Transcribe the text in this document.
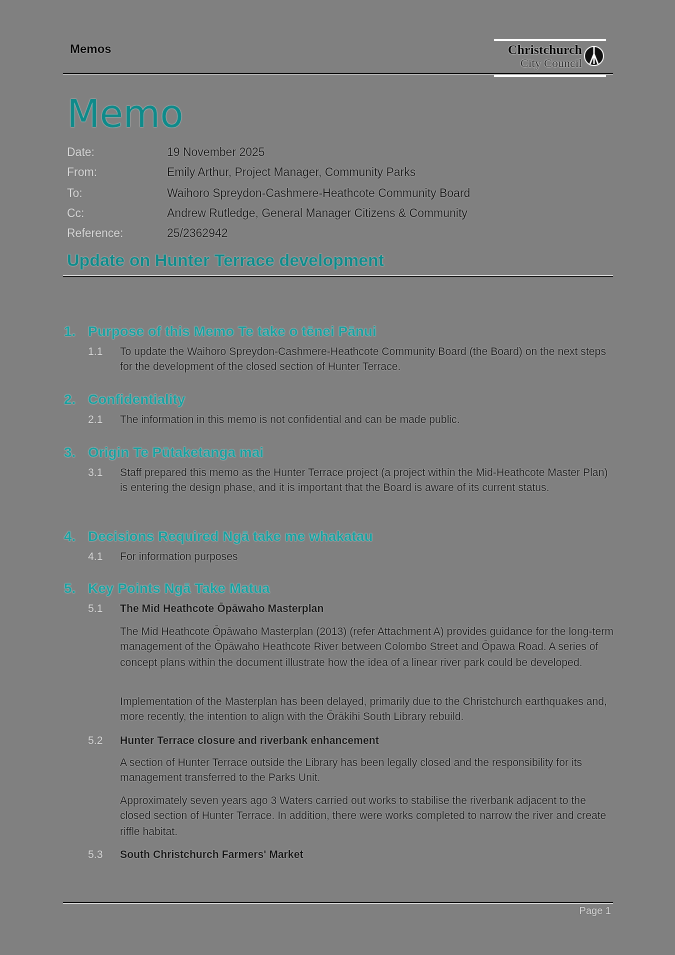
Memos	Christchurch
City Council
Memo
Date:	19 November 2025
From:	Emily Arthur, Project Manager, Community Parks
To:	Waihoro Spreydon-Cashmere-Heathcote Community Board
Cc:	Andrew Rutledge, General Manager Citizens & Community
Reference:	25/2362942
Update on Hunter Terrace development
1. Purpose of this Memo Te take o tēnei Pānui
1.1 To update the Waihoro Spreydon-Cashmere-Heathcote Community Board (the Board) on the next steps for the development of the closed section of Hunter Terrace.
2. Confidentiality
2.1 The information in this memo is not confidential and can be made public.
3. Origin Te Pūtaketanga mai
3.1 Staff prepared this memo as the Hunter Terrace project (a project within the Mid-Heathcote Master Plan) is entering the design phase, and it is important that the Board is aware of its current status.
4. Decisions Required Ngā take me whakatau
4.1 For information purposes
5. Key Points Ngā Take Matua
5.1 The Mid Heathcote Ōpāwaho Masterplan
The Mid Heathcote Ōpāwaho Masterplan (2013) (refer Attachment A) provides guidance for the long-term management of the Ōpāwaho Heathcote River between Colombo Street and Ōpawa Road. A series of concept plans within the document illustrate how the idea of a linear river park could be developed.
Implementation of the Masterplan has been delayed, primarily due to the Christchurch earthquakes and, more recently, the intention to align with the Ōrākihi South Library rebuild.
5.2 Hunter Terrace closure and riverbank enhancement
A section of Hunter Terrace outside the Library has been legally closed and the responsibility for its management transferred to the Parks Unit.
Approximately seven years ago 3 Waters carried out works to stabilise the riverbank adjacent to the closed section of Hunter Terrace. In addition, there were works completed to narrow the river and create riffle habitat.
5.3 South Christchurch Farmers' Market
Page 1
